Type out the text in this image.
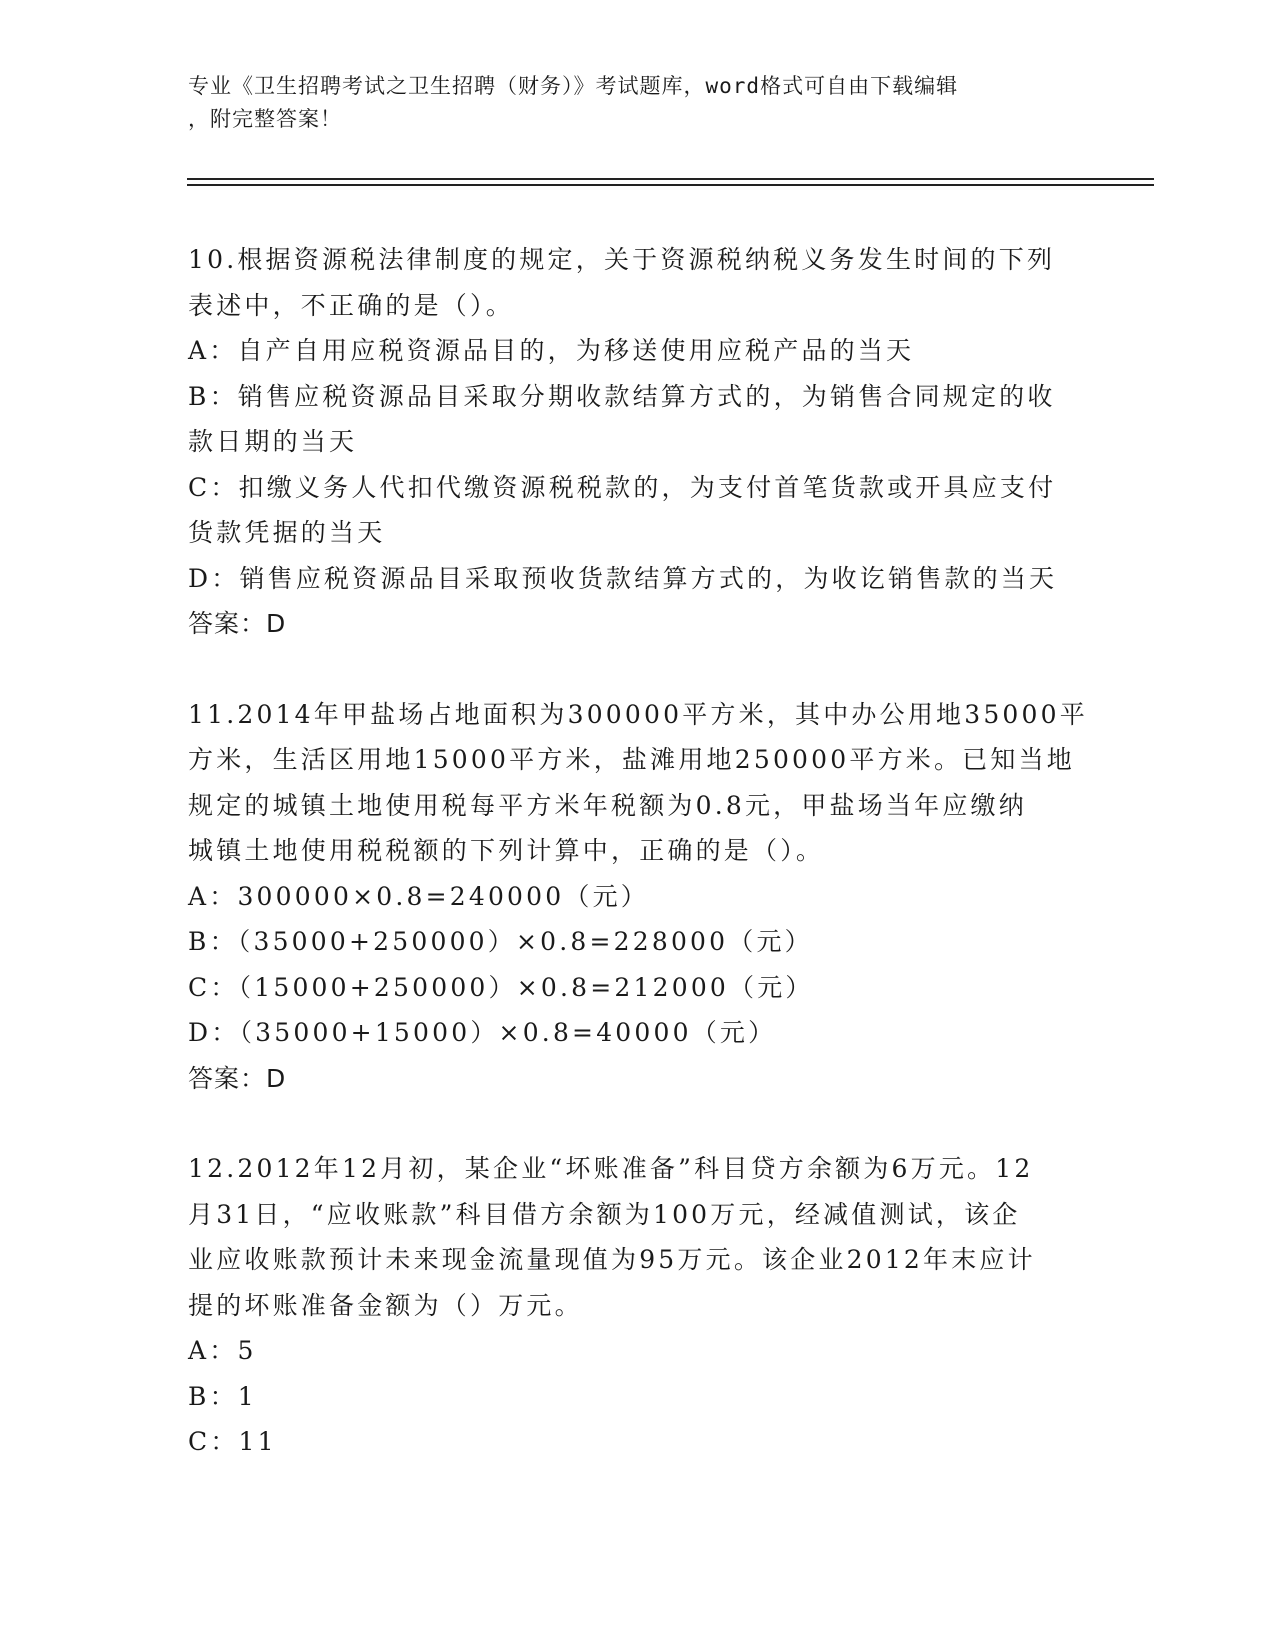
专业《卫生招聘考试之卫生招聘（财务）》考试题库，word格式可自由下载编辑
，附完整答案！
10.根据资源税法律制度的规定，关于资源税纳税义务发生时间的下列
表述中，不正确的是（）。
A：自产自用应税资源品目的，为移送使用应税产品的当天
B：销售应税资源品目采取分期收款结算方式的，为销售合同规定的收
款日期的当天
C：扣缴义务人代扣代缴资源税税款的，为支付首笔货款或开具应支付
货款凭据的当天
D：销售应税资源品目采取预收货款结算方式的，为收讫销售款的当天
答案：D
11.2014年甲盐场占地面积为300000平方米，其中办公用地35000平
方米，生活区用地15000平方米，盐滩用地250000平方米。已知当地
规定的城镇土地使用税每平方米年税额为0.8元，甲盐场当年应缴纳
城镇土地使用税税额的下列计算中，正确的是（）。
A：300000×0.8=240000（元）
B：（35000+250000）×0.8=228000（元）
C：（15000+250000）×0.8=212000（元）
D：（35000+15000）×0.8=40000（元）
答案：D
12.2012年12月初，某企业“坏账准备”科目贷方余额为6万元。12
月31日，“应收账款”科目借方余额为100万元，经减值测试，该企
业应收账款预计未来现金流量现值为95万元。该企业2012年末应计
提的坏账准备金额为（）万元。
A：5
B：1
C：11
